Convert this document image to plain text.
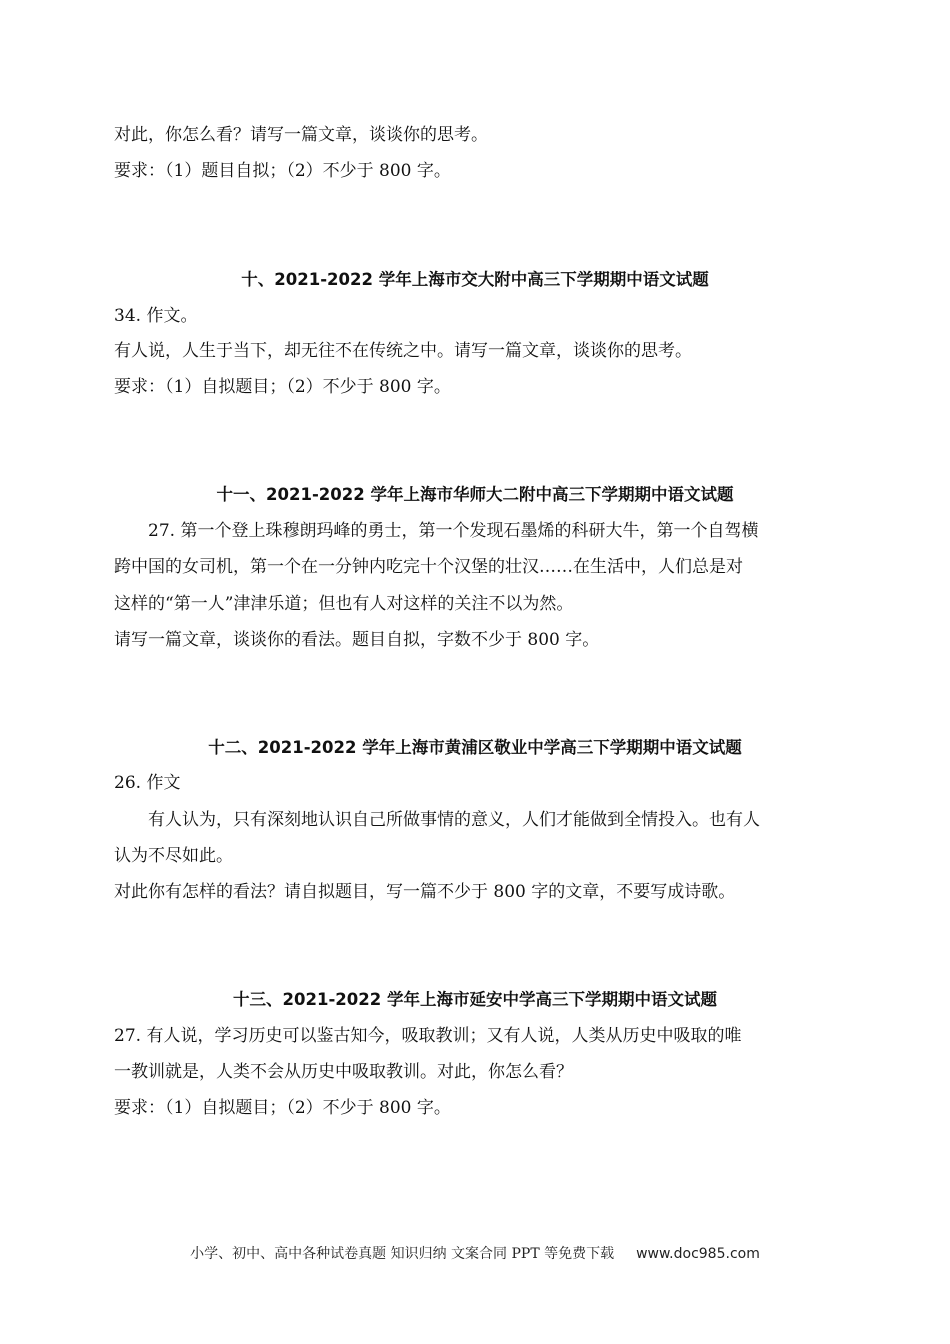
对此，你怎么看？请写一篇文章，谈谈你的思考。
要求：（1）题目自拟；（2）不少于 800 字。
十、2021-2022 学年上海市交大附中高三下学期期中语文试题
34. 作文。
有人说，人生于当下，却无往不在传统之中。请写一篇文章，谈谈你的思考。
要求：（1）自拟题目；（2）不少于 800 字。
十一、2021-2022 学年上海市华师大二附中高三下学期期中语文试题
27. 第一个登上珠穆朗玛峰的勇士，第一个发现石墨烯的科研大牛，第一个自驾横
跨中国的女司机，第一个在一分钟内吃完十个汉堡的壮汉……在生活中，人们总是对
这样的“第一人”津津乐道；但也有人对这样的关注不以为然。
请写一篇文章，谈谈你的看法。题目自拟，字数不少于 800 字。
十二、2021-2022 学年上海市黄浦区敬业中学高三下学期期中语文试题
26. 作文
有人认为，只有深刻地认识自己所做事情的意义，人们才能做到全情投入。也有人
认为不尽如此。
对此你有怎样的看法？请自拟题目，写一篇不少于 800 字的文章，不要写成诗歌。
十三、2021-2022 学年上海市延安中学高三下学期期中语文试题
27. 有人说，学习历史可以鉴古知今，吸取教训；又有人说，人类从历史中吸取的唯
一教训就是，人类不会从历史中吸取教训。对此，你怎么看？
要求：（1）自拟题目；（2）不少于 800 字。
小学、初中、高中各种试卷真题 知识归纳 文案合同 PPT 等免费下载 www.doc985.com
